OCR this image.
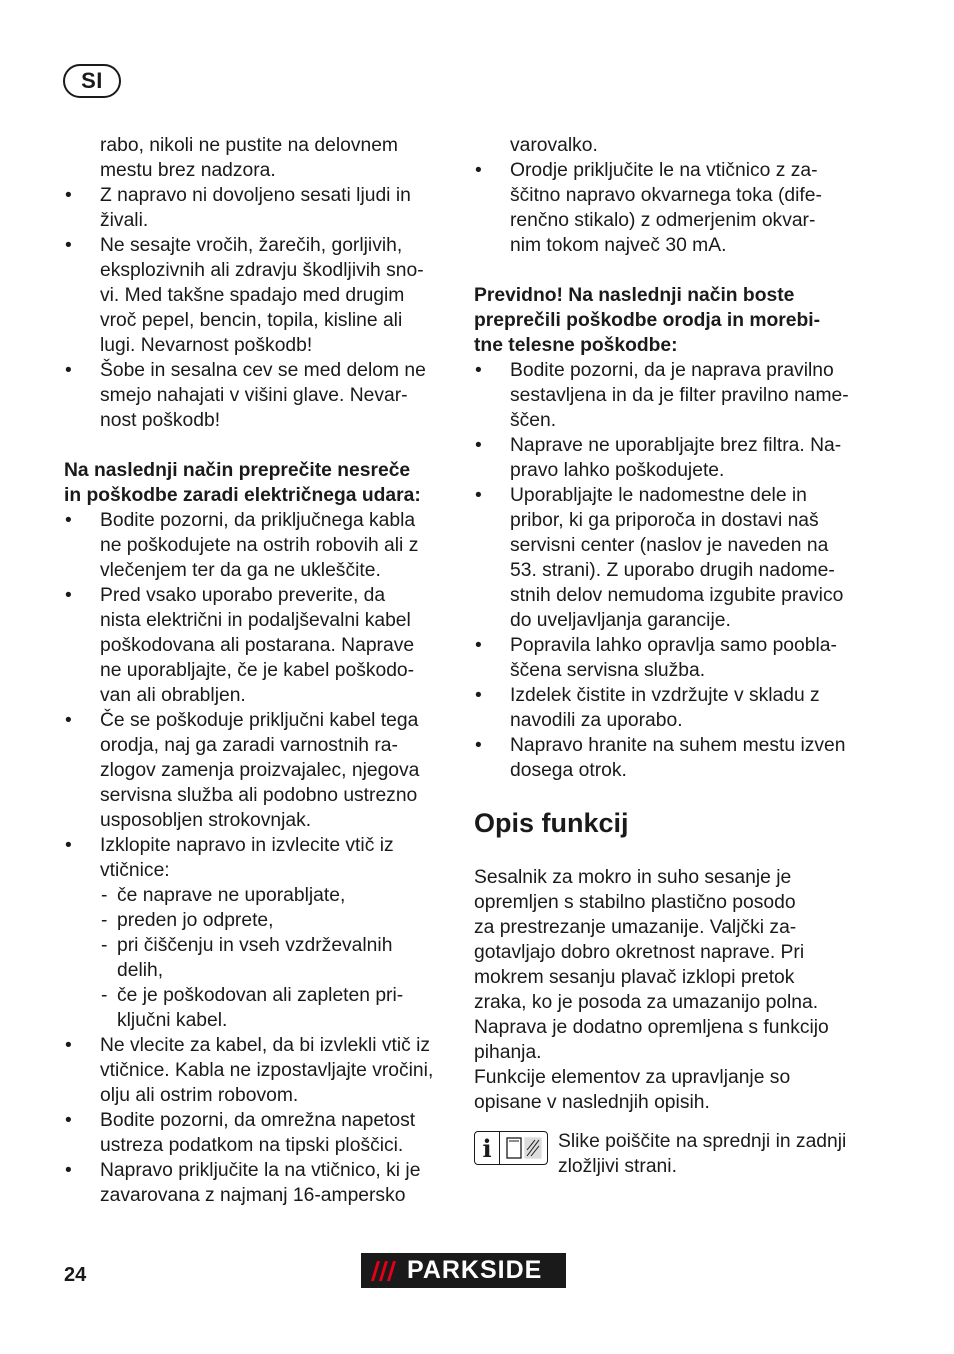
SI
rabo, nikoli ne pustite na delovnem
mestu brez nadzora.
• Z napravo ni dovoljeno sesati ljudi in
živali.
• Ne sesajte vročih, žarečih, gorljivih,
eksplozivnih ali zdravju škodljivih sno-
vi. Med takšne spadajo med drugim
vroč pepel, bencin, topila, kisline ali
lugi. Nevarnost poškodb!
• Šobe in sesalna cev se med delom ne
smejo nahajati v višini glave. Nevar-
nost poškodb!
Na naslednji način preprečite nesreče
in poškodbe zaradi električnega udara:
• Bodite pozorni, da priključnega kabla
ne poškodujete na ostrih robovih ali z
vlečenjem ter da ga ne ukleščite.
• Pred vsako uporabo preverite, da
nista električni in podaljševalni kabel
poškodovana ali postarana. Naprave
ne uporabljajte, če je kabel poškodo-
van ali obrabljen.
• Če se poškoduje priključni kabel tega
orodja, naj ga zaradi varnostnih ra-
zlogov zamenja proizvajalec, njegova
servisna služba ali podobno ustrezno
usposobljen strokovnjak.
• Izklopite napravo in izvlecite vtič iz
vtičnice:
- če naprave ne uporabljate,
- preden jo odprete,
- pri čiščenju in vseh vzdrževalnih
delih,
- če je poškodovan ali zapleten pri-
ključni kabel.
• Ne vlecite za kabel, da bi izvlekli vtič iz
vtičnice. Kabla ne izpostavljajte vročini,
olju ali ostrim robovom.
• Bodite pozorni, da omrežna napetost
ustreza podatkom na tipski ploščici.
• Napravo priključite la na vtičnico, ki je
zavarovana z najmanj 16-ampersko
varovalko.
• Orodje priključite le na vtičnico z za-
ščitno napravo okvarnega toka (dife-
renčno stikalo) z odmerjenim okvar-
nim tokom največ 30 mA.
Previdno! Na naslednji način boste
preprečili poškodbe orodja in morebi-
tne telesne poškodbe:
• Bodite pozorni, da je naprava pravilno
sestavljena in da je filter pravilno name-
ščen.
• Naprave ne uporabljajte brez filtra. Na-
pravo lahko poškodujete.
• Uporabljajte le nadomestne dele in
pribor, ki ga priporoča in dostavi naš
servisni center (naslov je naveden na
53. strani). Z uporabo drugih nadome-
stnih delov nemudoma izgubite pravico
do uveljavljanja garancije.
• Popravila lahko opravlja samo poobla-
ščena servisna služba.
• Izdelek čistite in vzdržujte v skladu z
navodili za uporabo.
• Napravo hranite na suhem mestu izven
dosega otrok.
Opis funkcij
Sesalnik za mokro in suho sesanje je
opremljen s stabilno plastično posodo
za prestrezanje umazanije. Valjčki za-
gotavljajo dobro okretnost naprave. Pri
mokrem sesanju plavač izklopi pretok
zraka, ko je posoda za umazanijo polna.
Naprava je dodatno opremljena s funkcijo
pihanja.
Funkcije elementov za upravljanje so
opisane v naslednjih opisih.
i	Slike poiščite na sprednji in zadnji
zložljivi strani.
24	PARKSIDE
